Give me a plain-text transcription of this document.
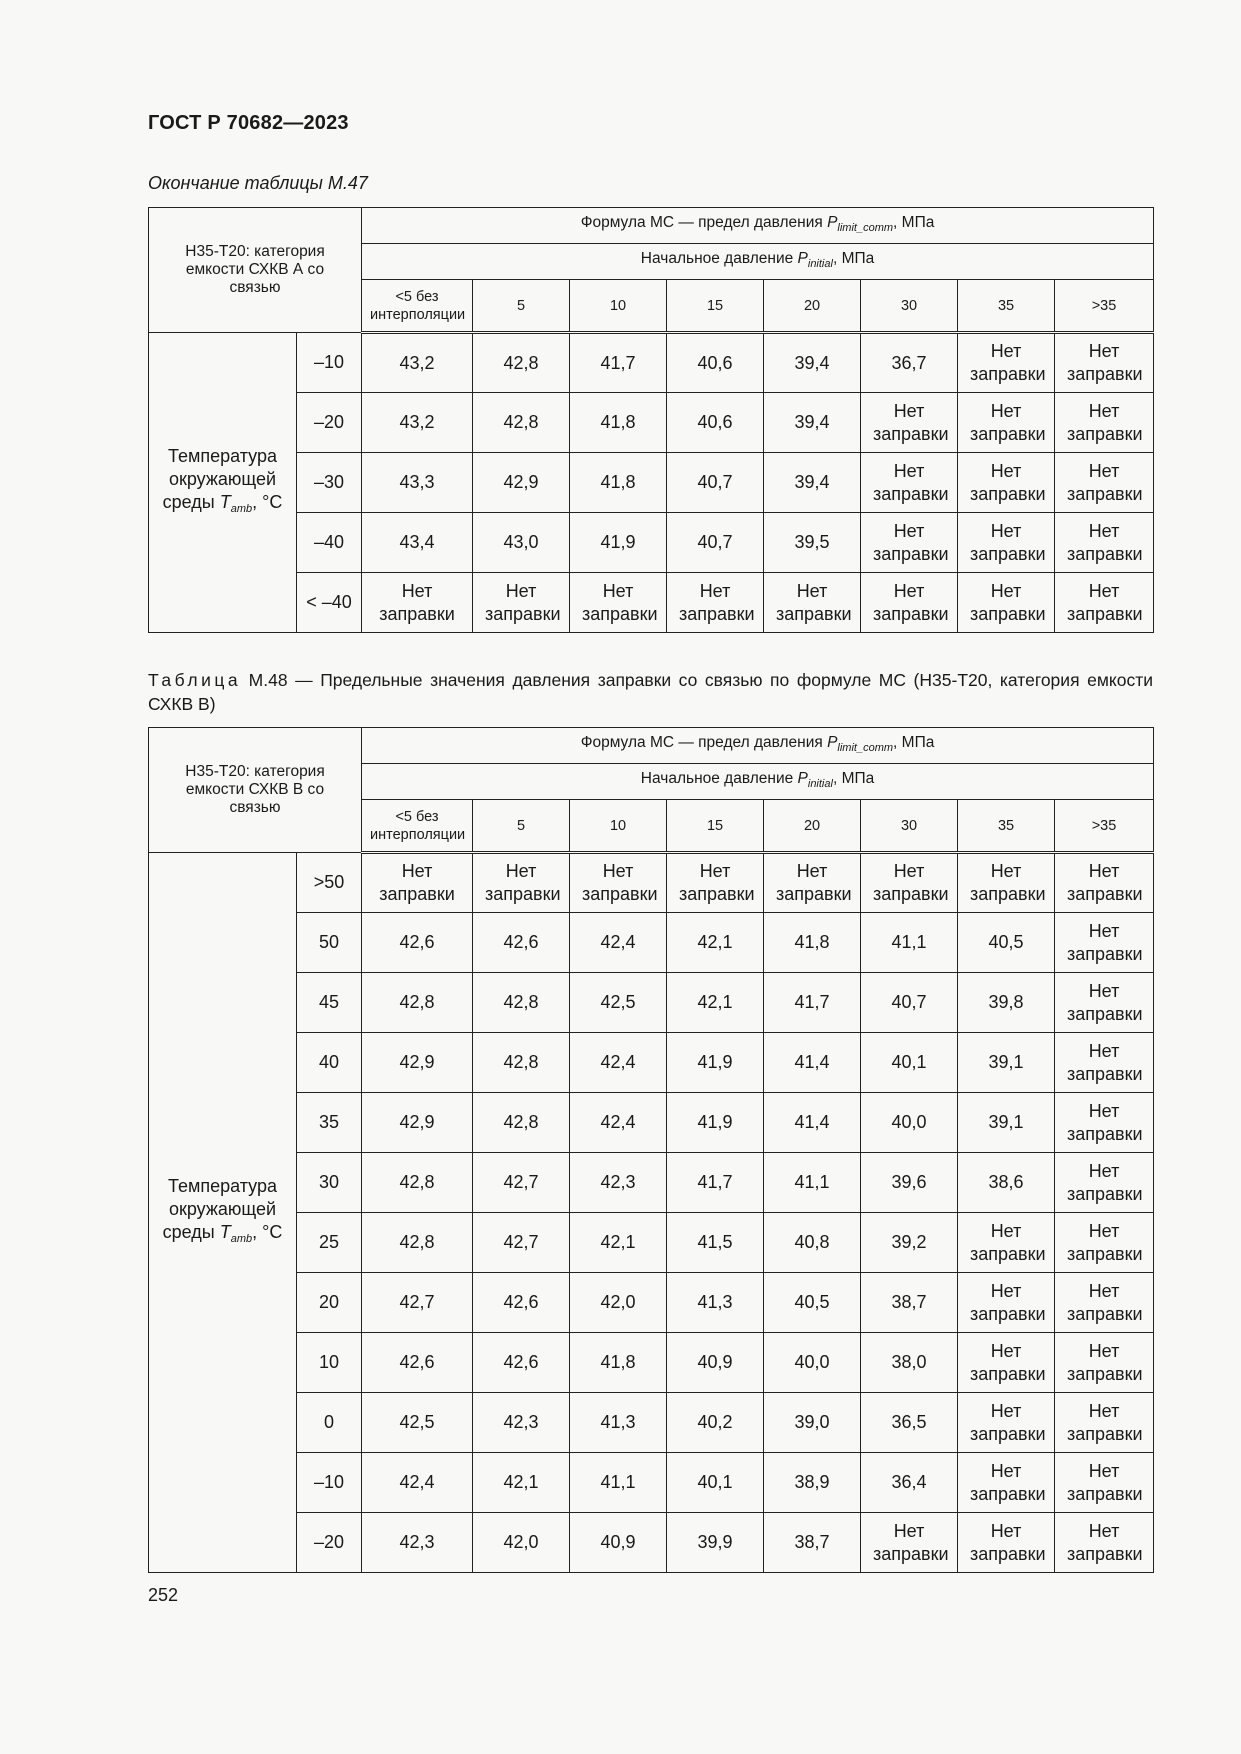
ГОСТ Р 70682—2023
Окончание таблицы М.47
Н35-Т20: категория емкости СХКВ А со связью		Формула МС — предел давления $P_{limit\_comm}$, МПа							
		Начальное давление $P_{initial}$, МПа							
		<5 без интерполяции	5	10	15	20	30	35	>35
Температура окружающей среды $T_{amb}$, °C	–10	43,2	42,8	41,7	40,6	39,4	36,7	Нет заправки	Нет заправки
	–20	43,2	42,8	41,8	40,6	39,4	Нет заправки	Нет заправки	Нет заправки
	–30	43,3	42,9	41,8	40,7	39,4	Нет заправки	Нет заправки	Нет заправки
	–40	43,4	43,0	41,9	40,7	39,5	Нет заправки	Нет заправки	Нет заправки
	< –40	Нет заправки	Нет заправки	Нет заправки	Нет заправки	Нет заправки	Нет заправки	Нет заправки	Нет заправки
Таблица М.48 — Предельные значения давления заправки со связью по формуле МС (Н35-Т20, категория емкости СХКВ В)
Н35-Т20: категория емкости СХКВ В со связью		Формула МС — предел давления $P_{limit\_comm}$, МПа							
		Начальное давление $P_{initial}$, МПа							
		<5 без интерполяции	5	10	15	20	30	35	>35
Температура окружающей среды $T_{amb}$, °C	>50	Нет заправки	Нет заправки	Нет заправки	Нет заправки	Нет заправки	Нет заправки	Нет заправки	Нет заправки
	50	42,6	42,6	42,4	42,1	41,8	41,1	40,5	Нет заправки
	45	42,8	42,8	42,5	42,1	41,7	40,7	39,8	Нет заправки
	40	42,9	42,8	42,4	41,9	41,4	40,1	39,1	Нет заправки
	35	42,9	42,8	42,4	41,9	41,4	40,0	39,1	Нет заправки
	30	42,8	42,7	42,3	41,7	41,1	39,6	38,6	Нет заправки
	25	42,8	42,7	42,1	41,5	40,8	39,2	Нет заправки	Нет заправки
	20	42,7	42,6	42,0	41,3	40,5	38,7	Нет заправки	Нет заправки
	10	42,6	42,6	41,8	40,9	40,0	38,0	Нет заправки	Нет заправки
	0	42,5	42,3	41,3	40,2	39,0	36,5	Нет заправки	Нет заправки
	–10	42,4	42,1	41,1	40,1	38,9	36,4	Нет заправки	Нет заправки
	–20	42,3	42,0	40,9	39,9	38,7	Нет заправки	Нет заправки	Нет заправки
252
